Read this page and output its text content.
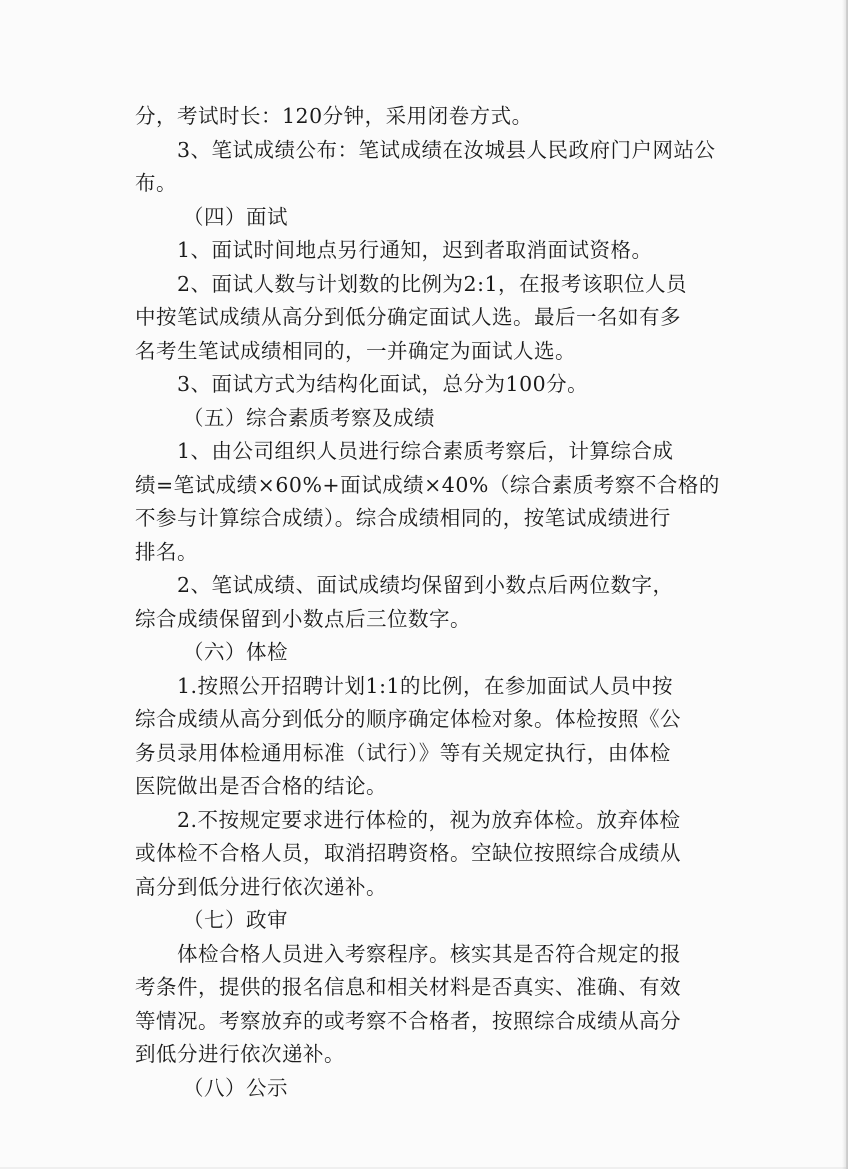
分，考试时长：120分钟，采用闭卷方式。
3、笔试成绩公布：笔试成绩在汝城县人民政府门户网站公
布。
（四）面试
1、面试时间地点另行通知，迟到者取消面试资格。
2、面试人数与计划数的比例为2:1，在报考该职位人员
中按笔试成绩从高分到低分确定面试人选。最后一名如有多
名考生笔试成绩相同的，一并确定为面试人选。
3、面试方式为结构化面试，总分为100分。
（五）综合素质考察及成绩
1、由公司组织人员进行综合素质考察后，计算综合成
绩=笔试成绩×60%+面试成绩×40%（综合素质考察不合格的
不参与计算综合成绩）。综合成绩相同的，按笔试成绩进行
排名。
2、笔试成绩、面试成绩均保留到小数点后两位数字，
综合成绩保留到小数点后三位数字。
（六）体检
1.按照公开招聘计划1:1的比例，在参加面试人员中按
综合成绩从高分到低分的顺序确定体检对象。体检按照《公
务员录用体检通用标准（试行）》等有关规定执行，由体检
医院做出是否合格的结论。
2.不按规定要求进行体检的，视为放弃体检。放弃体检
或体检不合格人员，取消招聘资格。空缺位按照综合成绩从
高分到低分进行依次递补。
（七）政审
体检合格人员进入考察程序。核实其是否符合规定的报
考条件，提供的报名信息和相关材料是否真实、准确、有效
等情况。考察放弃的或考察不合格者，按照综合成绩从高分
到低分进行依次递补。
（八）公示
